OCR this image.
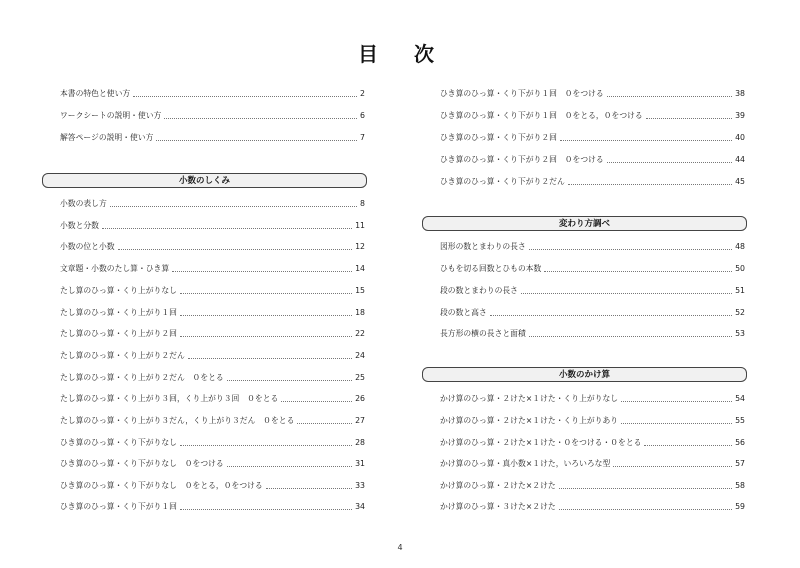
目　次
本書の特色と使い方	2
ワークシートの説明・使い方	6
解答ページの説明・使い方	7
小数のしくみ
小数の表し方	8
小数と分数	11
小数の位と小数	12
文章題・小数のたし算・ひき算	14
たし算のひっ算・くり上がりなし	15
たし算のひっ算・くり上がり１回	18
たし算のひっ算・くり上がり２回	22
たし算のひっ算・くり上がり２だん	24
たし算のひっ算・くり上がり２だん　０をとる	25
たし算のひっ算・くり上がり３回，くり上がり３回　０をとる	26
たし算のひっ算・くり上がり３だん，くり上がり３だん　０をとる	27
ひき算のひっ算・くり下がりなし	28
ひき算のひっ算・くり下がりなし　０をつける	31
ひき算のひっ算・くり下がりなし　０をとる，０をつける	33
ひき算のひっ算・くり下がり１回	34
ひき算のひっ算・くり下がり１回　０をつける	38
ひき算のひっ算・くり下がり１回　０をとる，０をつける	39
ひき算のひっ算・くり下がり２回	40
ひき算のひっ算・くり下がり２回　０をつける	44
ひき算のひっ算・くり下がり２だん	45
変わり方調べ
図形の数とまわりの長さ	48
ひもを切る回数とひもの本数	50
段の数とまわりの長さ	51
段の数と高さ	52
長方形の横の長さと面積	53
小数のかけ算
かけ算のひっ算・２けた×１けた・くり上がりなし	54
かけ算のひっ算・２けた×１けた・くり上がりあり	55
かけ算のひっ算・２けた×１けた・０をつける・０をとる	56
かけ算のひっ算・真小数×１けた，いろいろな型	57
かけ算のひっ算・２けた×２けた	58
かけ算のひっ算・３けた×２けた	59
4
